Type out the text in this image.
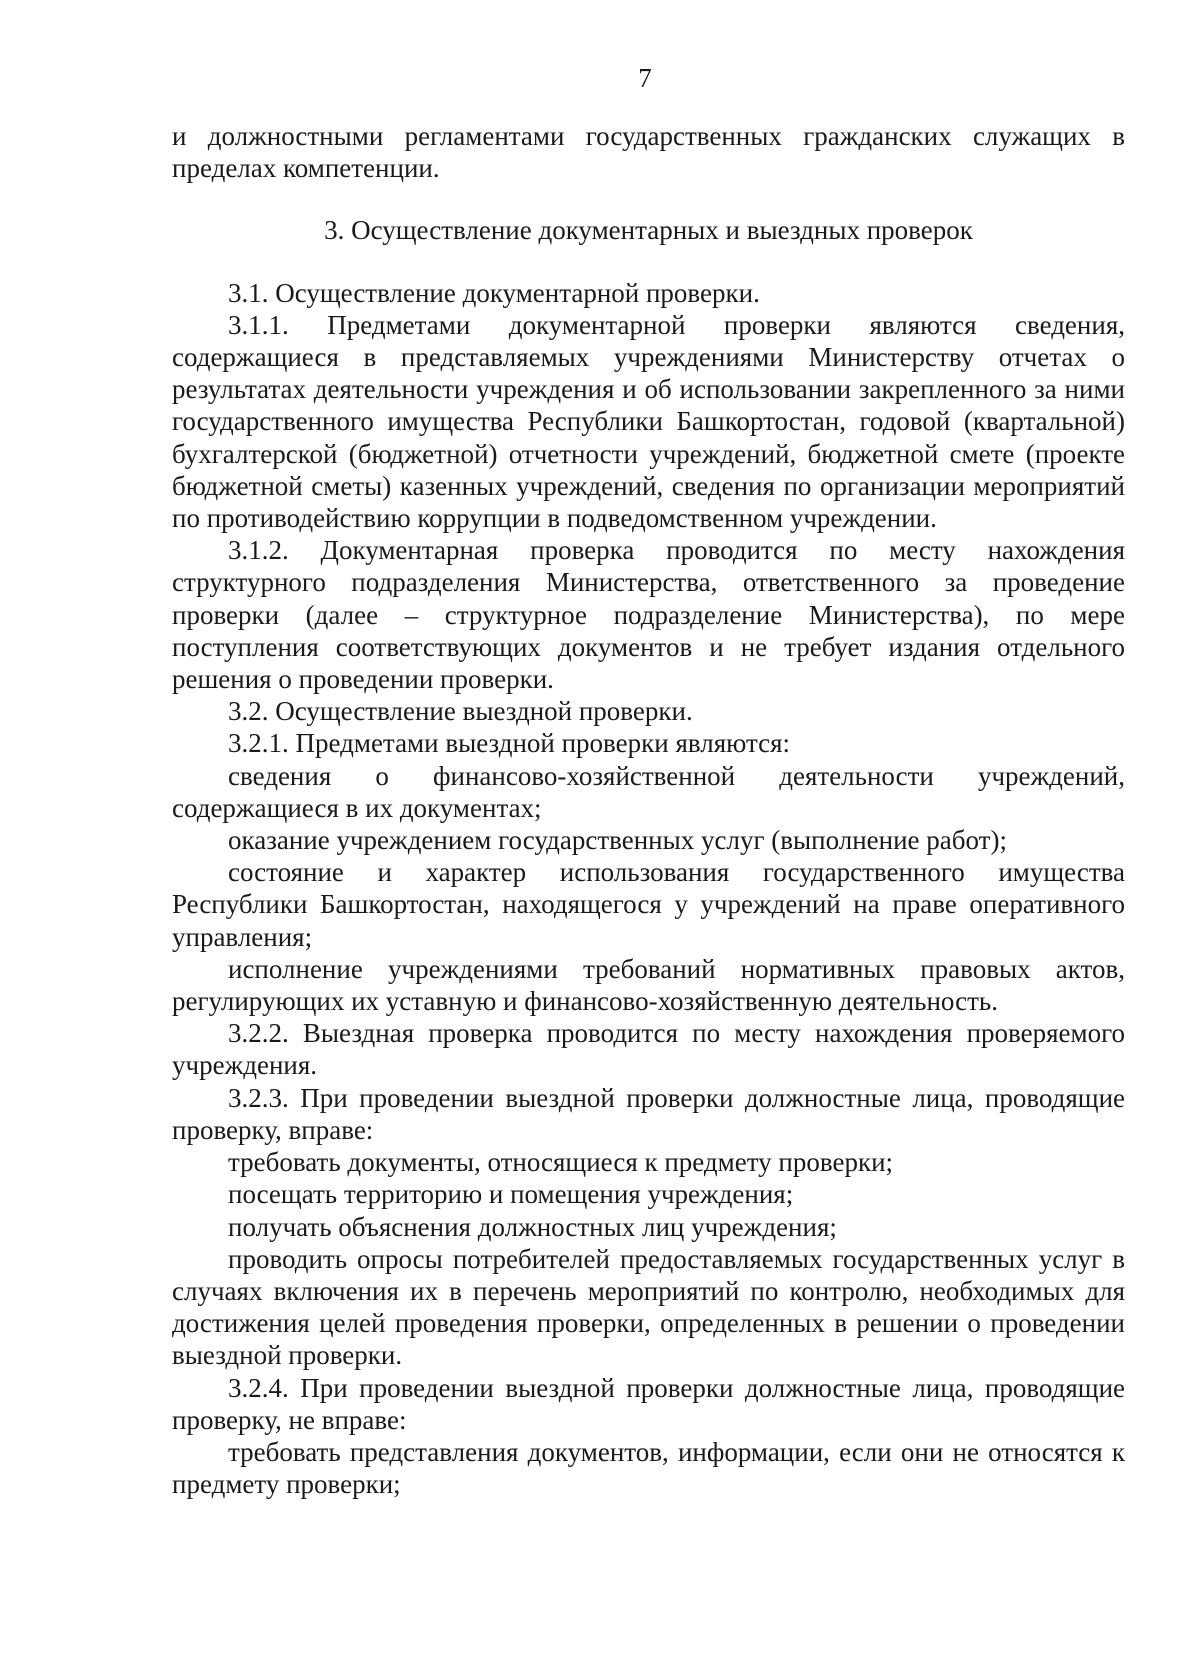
7

и должностными регламентами государственных гражданских служащих в пределах компетенции.

3. Осуществление документарных и выездных проверок

3.1. Осуществление документарной проверки.

3.1.1. Предметами документарной проверки являются сведения, содержащиеся в представляемых учреждениями Министерству отчетах о результатах деятельности учреждения и об использовании закрепленного за ними государственного имущества Республики Башкортостан, годовой (квартальной) бухгалтерской (бюджетной) отчетности учреждений, бюджетной смете (проекте бюджетной сметы) казенных учреждений, сведения по организации мероприятий по противодействию коррупции в подведомственном учреждении.

3.1.2. Документарная проверка проводится по месту нахождения структурного подразделения Министерства, ответственного за проведение проверки (далее – структурное подразделение Министерства), по мере поступления соответствующих документов и не требует издания отдельного решения о проведении проверки.

3.2. Осуществление выездной проверки.

3.2.1. Предметами выездной проверки являются:

сведения о финансово-хозяйственной деятельности учреждений, содержащиеся в их документах;

оказание учреждением государственных услуг (выполнение работ);

состояние и характер использования государственного имущества Республики Башкортостан, находящегося у учреждений на праве оперативного управления;

исполнение учреждениями требований нормативных правовых актов, регулирующих их уставную и финансово-хозяйственную деятельность.

3.2.2. Выездная проверка проводится по месту нахождения проверяемого учреждения.

3.2.3. При проведении выездной проверки должностные лица, проводящие проверку, вправе:

требовать документы, относящиеся к предмету проверки;

посещать территорию и помещения учреждения;

получать объяснения должностных лиц учреждения;

проводить опросы потребителей предоставляемых государственных услуг в случаях включения их в перечень мероприятий по контролю, необходимых для достижения целей проведения проверки, определенных в решении о проведении выездной проверки.

3.2.4. При проведении выездной проверки должностные лица, проводящие проверку, не вправе:

требовать представления документов, информации, если они не относятся к предмету проверки;
